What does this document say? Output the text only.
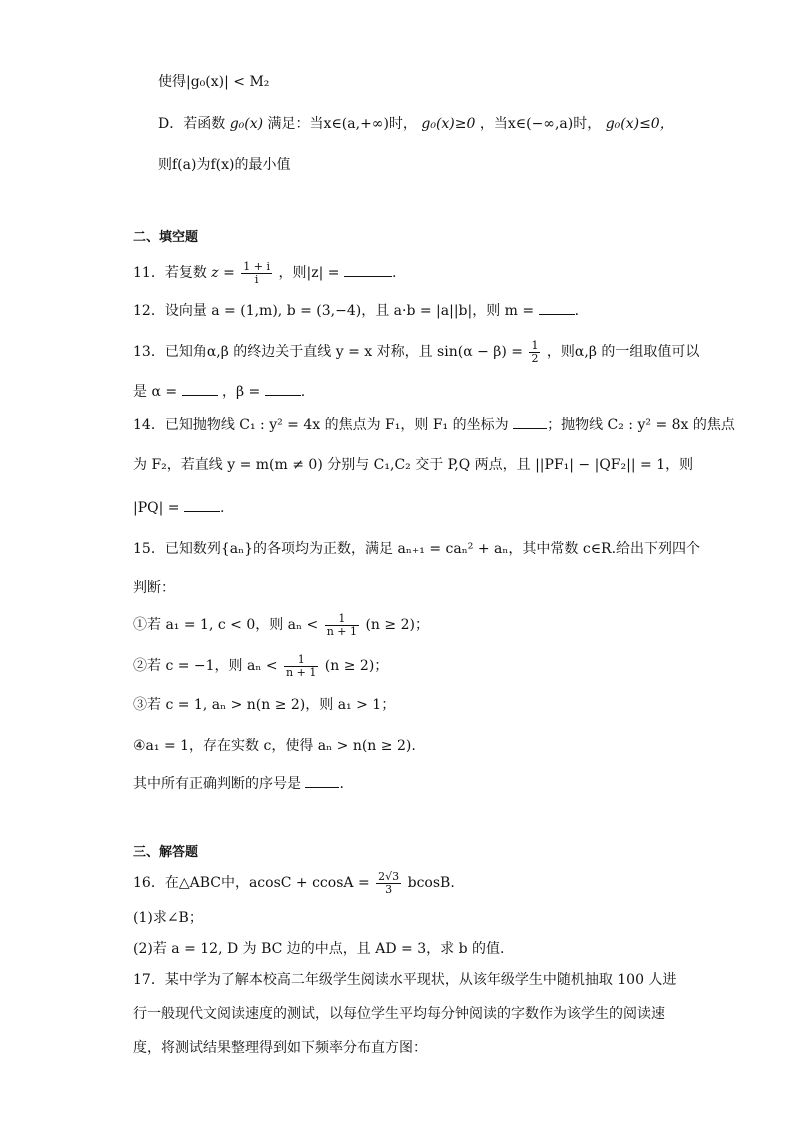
使得|g₀(x)| < M₂
D．若函数 g₀(x) 满足：当x∈(a,+∞)时， g₀(x)≥0 ，当x∈(−∞,a)时， g₀(x)≤0，
则f(a)为f(x)的最小值
二、填空题
11．若复数 $z = \frac{1 + i}{i}$ ，则|z| =	.
12．设向量 a = (1,m), b = (3,−4)，且 a·b = |a||b|，则 m =	.
13．已知角α,β 的终边关于直线 y = x 对称，且 $\sin(\alpha - \beta) = \frac{1}{2}$ ，则α,β 的一组取值可以
是 α =	，β =	.
14．已知抛物线 C₁ : y² = 4x 的焦点为 F₁，则 F₁ 的坐标为	；抛物线 C₂ : y² = 8x 的焦点
为 F₂，若直线 y = m(m ≠ 0) 分别与 C₁,C₂ 交于 P,Q 两点，且 ||PF₁| − |QF₂|| = 1，则
|PQ| =	.
15．已知数列{aₙ}的各项均为正数，满足 aₙ₊₁ = caₙ² + aₙ，其中常数 c∈R.给出下列四个
判断：
①若 a₁ = 1, c < 0，则 $a_n < \frac{1}{n + 1} (n \ge 2)$；
②若 c = −1，则 $a_n < \frac{1}{n + 1} (n \ge 2)$；
③若 c = 1, aₙ > n(n ≥ 2)，则 a₁ > 1；
④a₁ = 1，存在实数 c，使得 aₙ > n(n ≥ 2).
其中所有正确判断的序号是	.
三、解答题
16．在△ABC中，$acosC + ccosA = \frac{2√3}{3} bcosB$.
(1)求∠B；
(2)若 a = 12, D 为 BC 边的中点，且 AD = 3，求 b 的值.
17．某中学为了解本校高二年级学生阅读水平现状，从该年级学生中随机抽取 100 人进
行一般现代文阅读速度的测试，以每位学生平均每分钟阅读的字数作为该学生的阅读速
度，将测试结果整理得到如下频率分布直方图：
